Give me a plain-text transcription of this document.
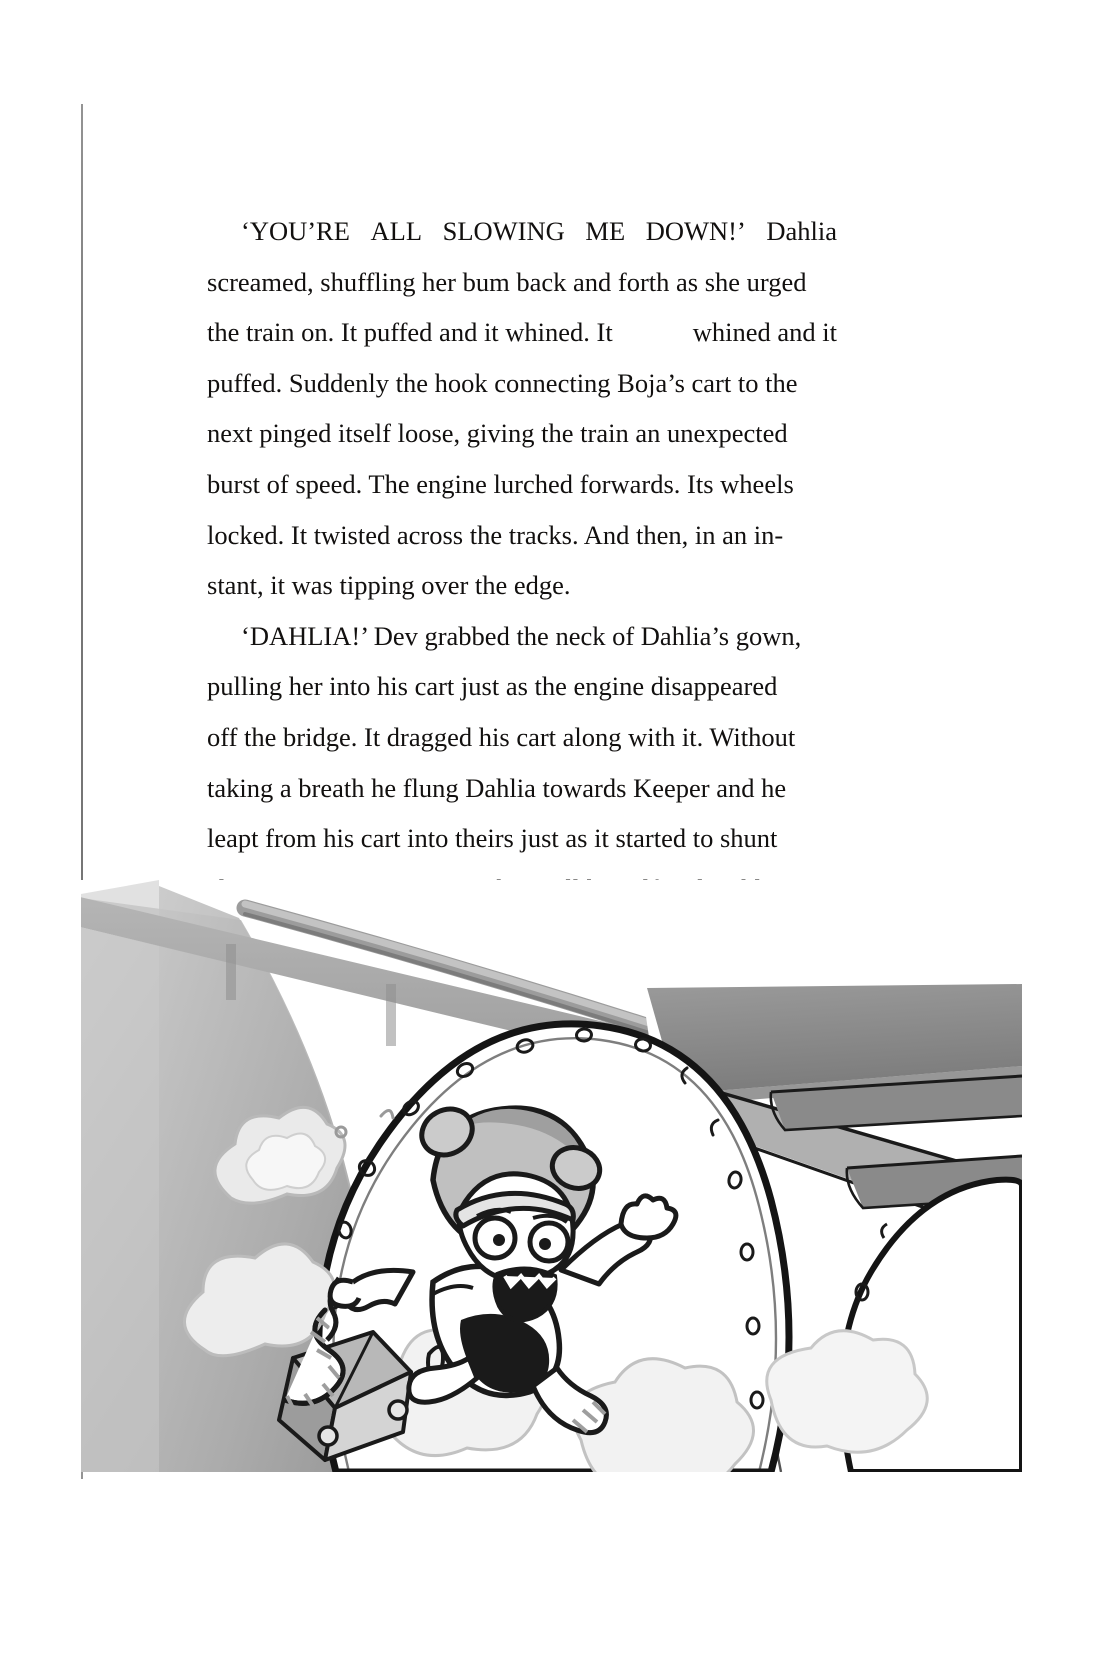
‘YOU’RE ALL SLOWING ME DOWN!’ Dahlia
screamed, shuffling her bum back and forth as she urged
the train on. It puffed and it whined. It	whined and it
puffed. Suddenly the hook connecting Boja’s cart to the
next pinged itself loose, giving the train an unexpected
burst of speed. The engine lurched forwards. Its wheels
locked. It twisted across the tracks. And then, in an in-
stant, it was tipping over the edge.

‘DAHLIA!’ Dev grabbed the neck of Dahlia’s gown,
pulling her into his cart just as the engine disappeared
off the bridge. It dragged his cart along with it. Without
taking a breath he flung Dahlia towards Keeper and he
leapt from his cart into theirs just as it started to shunt
